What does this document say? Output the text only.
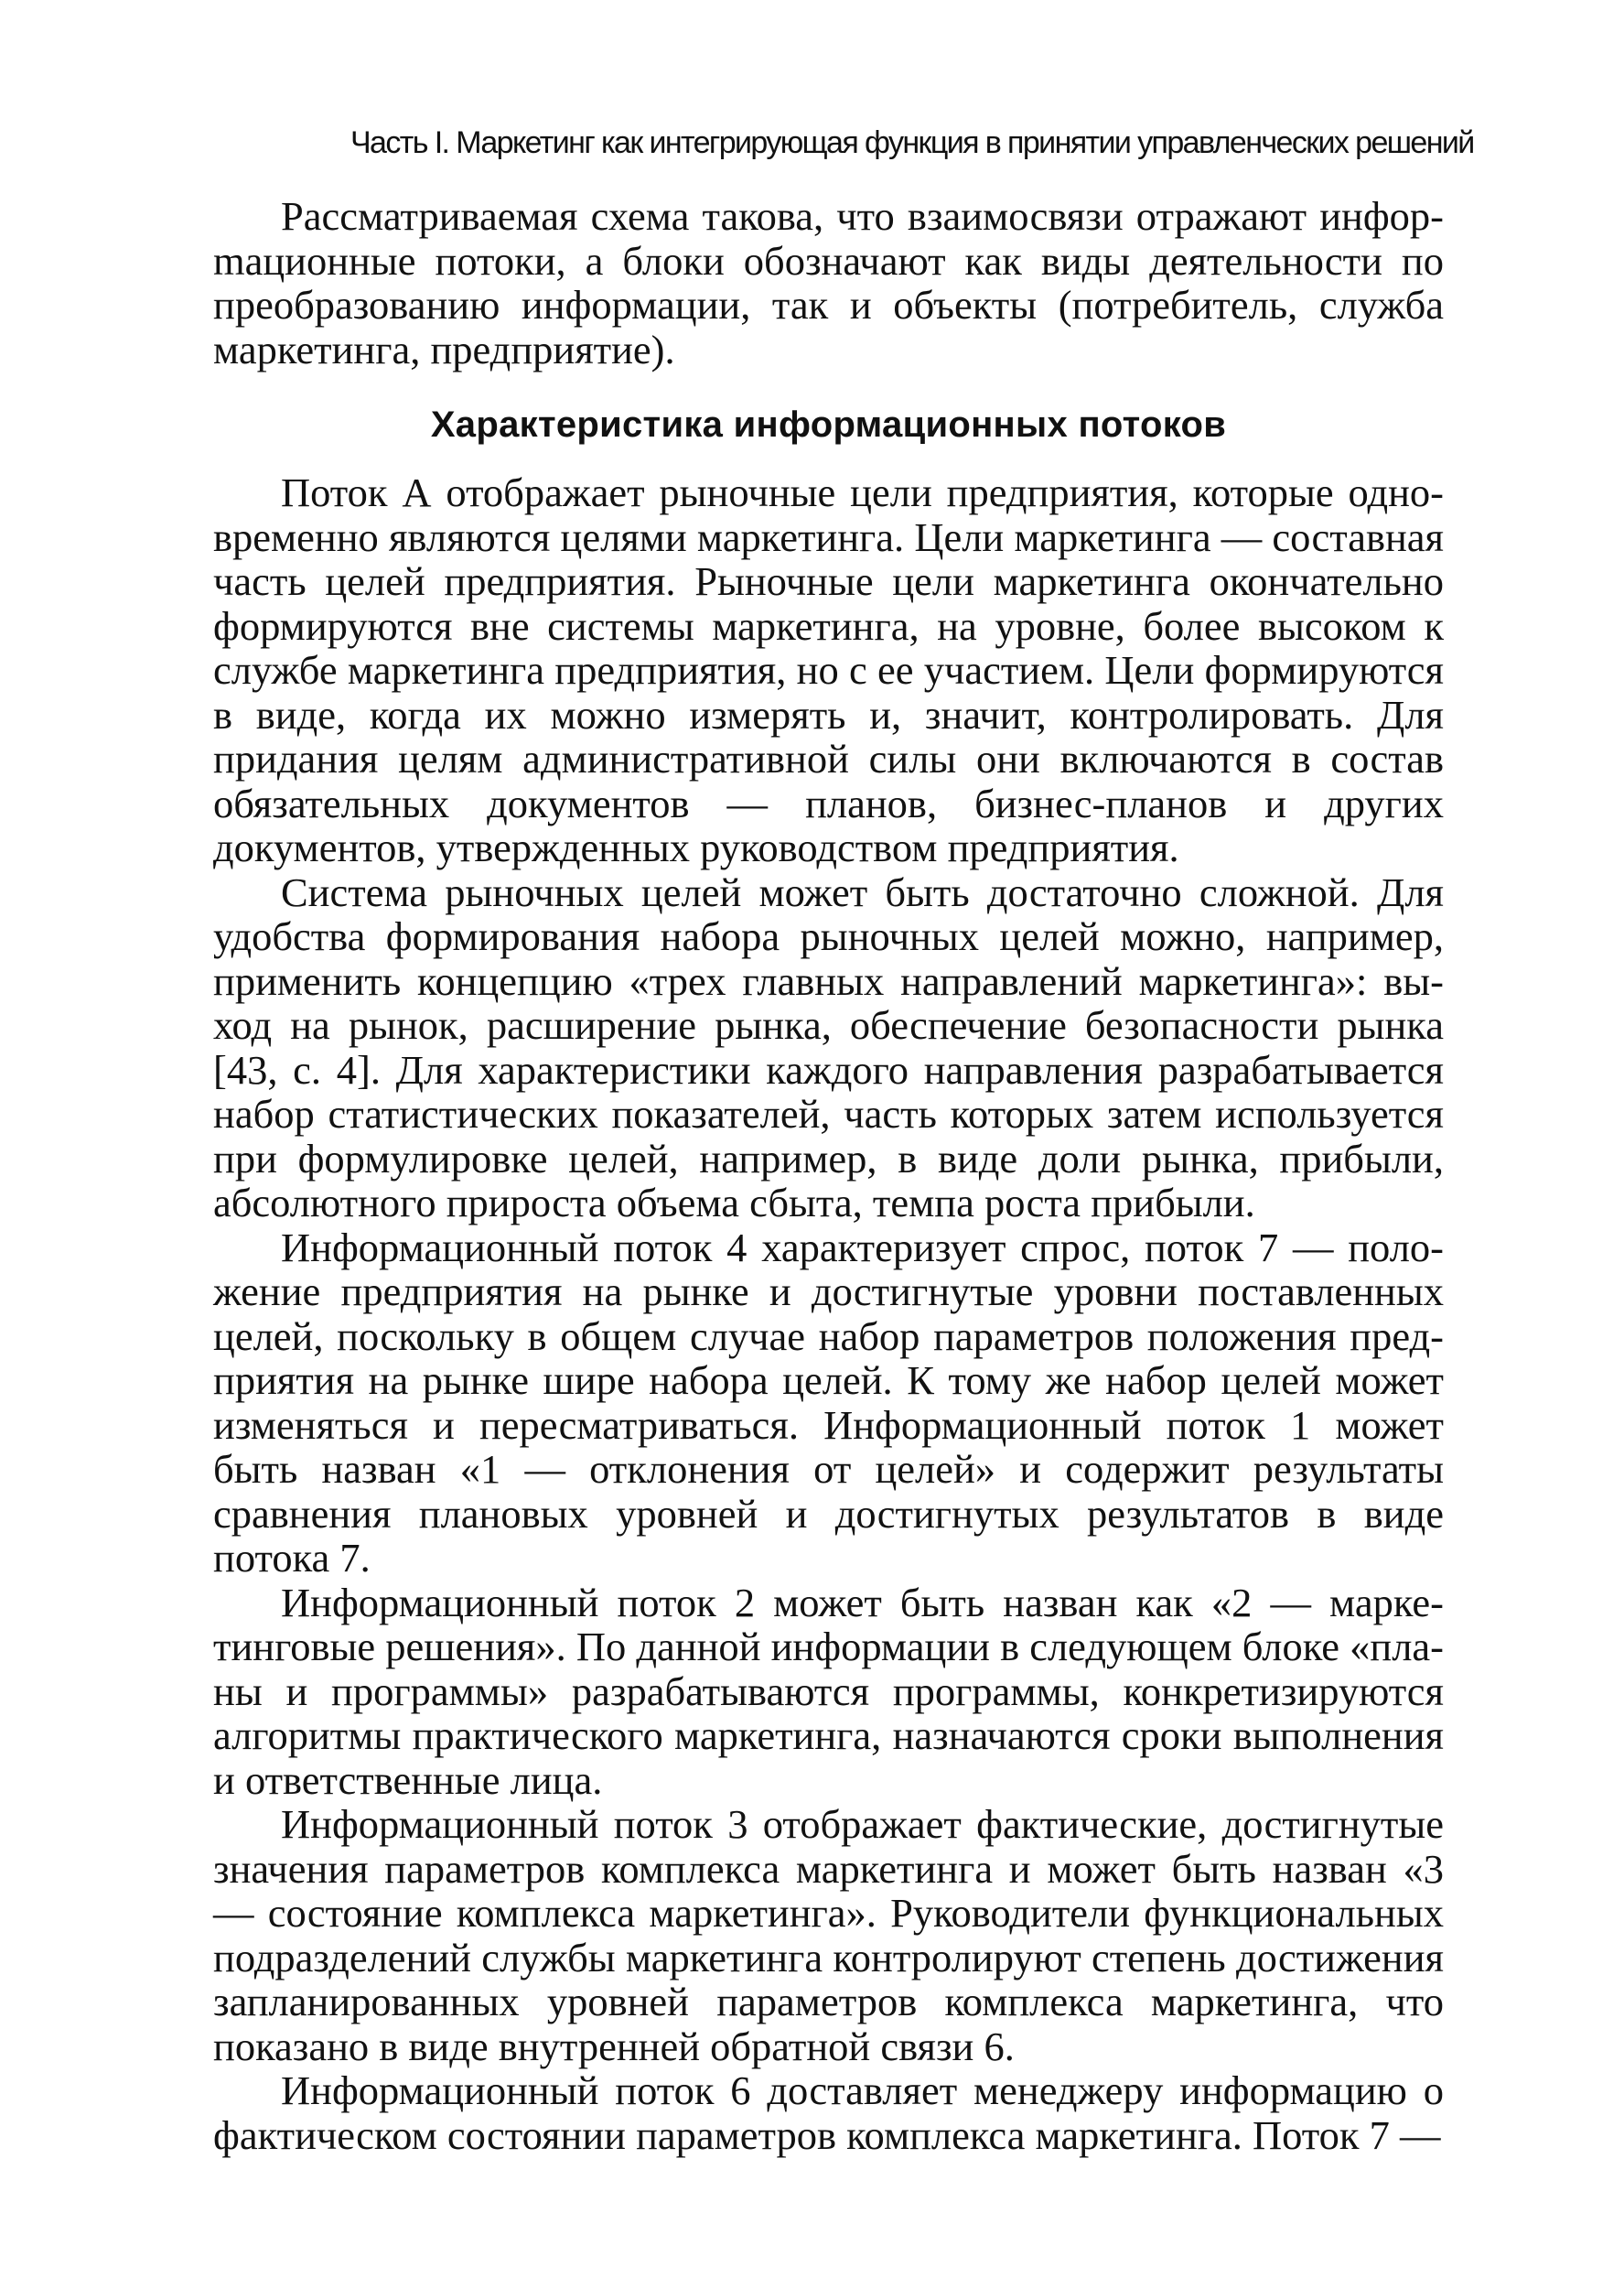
Часть I. Маркетинг как интегрирующая функция в принятии управленческих решений

Рассматриваемая схема такова, что взаимосвязи отражают инфорmационные потоки, а блоки обозначают как виды деятельности по преобразованию информации, так и объекты (потребитель, служба маркетинга, предприятие).

Характеристика информационных потоков

Поток А отображает рыночные цели предприятия, которые одновременно являются целями маркетинга. Цели маркетинга — составная часть целей предприятия. Рыночные цели маркетинга окончательно формируются вне системы маркетинга, на уровне, более высоком к службе маркетинга предприятия, но с ее участием. Цели формируются в виде, когда их можно измерять и, значит, контролировать. Для придания целям административной силы они включаются в состав обязательных документов — планов, бизнес-планов и других документов, утвержденных руководством предприятия.

Система рыночных целей может быть достаточно сложной. Для удобства формирования набора рыночных целей можно, например, применить концепцию «трех главных направлений маркетинга»: выход на рынок, расширение рынка, обеспечение безопасности рынка [43, с. 4]. Для характеристики каждого направления разрабатывается набор статистических показателей, часть которых затем используется при формулировке целей, например, в виде доли рынка, прибыли, абсолютного прироста объема сбыта, темпа роста прибыли.

Информационный поток 4 характеризует спрос, поток 7 — положение предприятия на рынке и достигнутые уровни поставленных целей, поскольку в общем случае набор параметров положения предприятия на рынке шире набора целей. К тому же набор целей может изменяться и пересматриваться. Информационный поток 1 может быть назван «1 — отклонения от целей» и содержит результаты сравнения плановых уровней и достигнутых результатов в виде потока 7.

Информационный поток 2 может быть назван как «2 — маркетинговые решения». По данной информации в следующем блоке «планы и программы» разрабатываются программы, конкретизируются алгоритмы практического маркетинга, назначаются сроки выполнения и ответственные лица.

Информационный поток 3 отображает фактические, достигнутые значения параметров комплекса маркетинга и может быть назван «3 — состояние комплекса маркетинга». Руководители функциональных подразделений службы маркетинга контролируют степень достижения запланированных уровней параметров комплекса маркетинга, что показано в виде внутренней обратной связи 6.

Информационный поток 6 доставляет менеджеру информацию о фактическом состоянии параметров комплекса маркетинга. Поток 7 —
